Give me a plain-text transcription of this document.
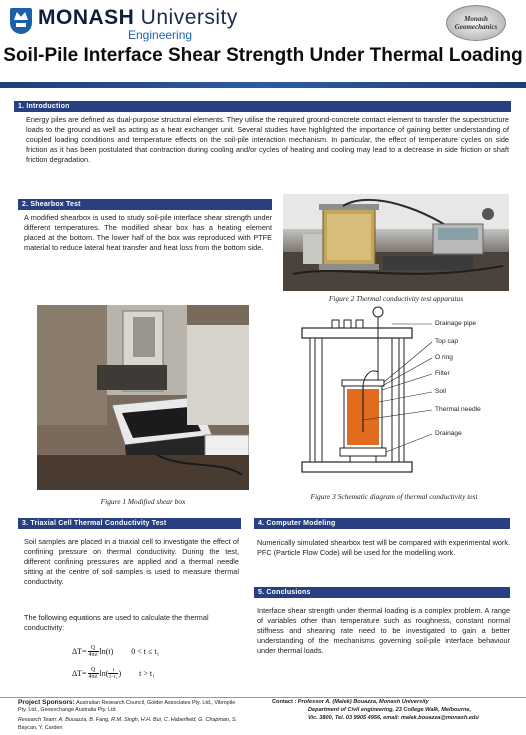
MONASH University
Engineering
Monash
Geomechanics
Soil-Pile Interface Shear Strength Under Thermal Loading
1. Introduction
Energy piles are defined as dual-purpose structural elements. They utilise the required ground-concrete contact element to transfer the superstructure loads to the ground as well as acting as a heat exchanger unit. Several studies have highlighted the importance of gaining better understanding of coupled loading conditions and temperature effects on the soil-pile interaction mechanism. In particular, the effect of temperature cycles on side friction as it has been postulated that contraction during cooling and/or cycles of heating and cooling may lead to a decrease in side friction or shaft friction degradation.
2. Shearbox Test
A modified shearbox is used to study soil-pile interface shear strength under different temperatures. The modified shear box has a heating element placed at the bottom. The lower half of the box was reproduced with PTFE material to reduce lateral heat transfer and heat loss from the bottom side.
Figure 2 Thermal conductivity test apparatus
Figure 1 Modified shear box
Drainage pipe
Top cap
O ring
Filter
Soil
Thermal needle
Drainage
Figure 3 Schematic diagram of thermal conductivity test
3. Triaxial Cell Thermal Conductivity Test
Soil samples are placed in a triaxial cell to investigate the effect of confining pressure on thermal conductivity. During the test, different confining pressures are applied and a thermal needle sitting at the centre of soil samples is used to measure thermal conductivity.
The following equations are used to calculate the thermal conductivity:
$\Delta T= \frac{Q}{4\pi\lambda} \ln(t) 0 < t \le t_1$
$\Delta T= \frac{Q}{4\pi\lambda} \ln( \frac{t}{\text{t−t₁}}$ ) t > t₁
4. Computer Modeling
Numerically simulated shearbox test will be compared with experimental work. PFC (Particle Flow Code) will be used for the modelling work.
5. Conclusions
Interface shear strength under thermal loading is a complex problem. A range of variables other than temperature such as roughness, constant normal stiffness and shearing rate need to be investigated to gain a better understanding of the mechanisms governing soil-pile interface behaviour under thermal loads.
Project Sponsors: Australian Research Council, Golder Associates Pty. Ltd., Vibropile
Pty. Ltd., Geoexchange Australia Pty. Ltd.
Research Team: A. Bouazza, B. Fang, R.M. Singh, H.H. Bui, C. Haberfield, G. Chapman, S.
Baycan, Y. Carden
Contact : Professor A. (Malek) Bouazza, Monash University
Department of Civil engineering, 23 College Walk, Melbourne,
Vic. 3800, Tel. 03 9905 4956, email: malek.bouazza@monash.edu
